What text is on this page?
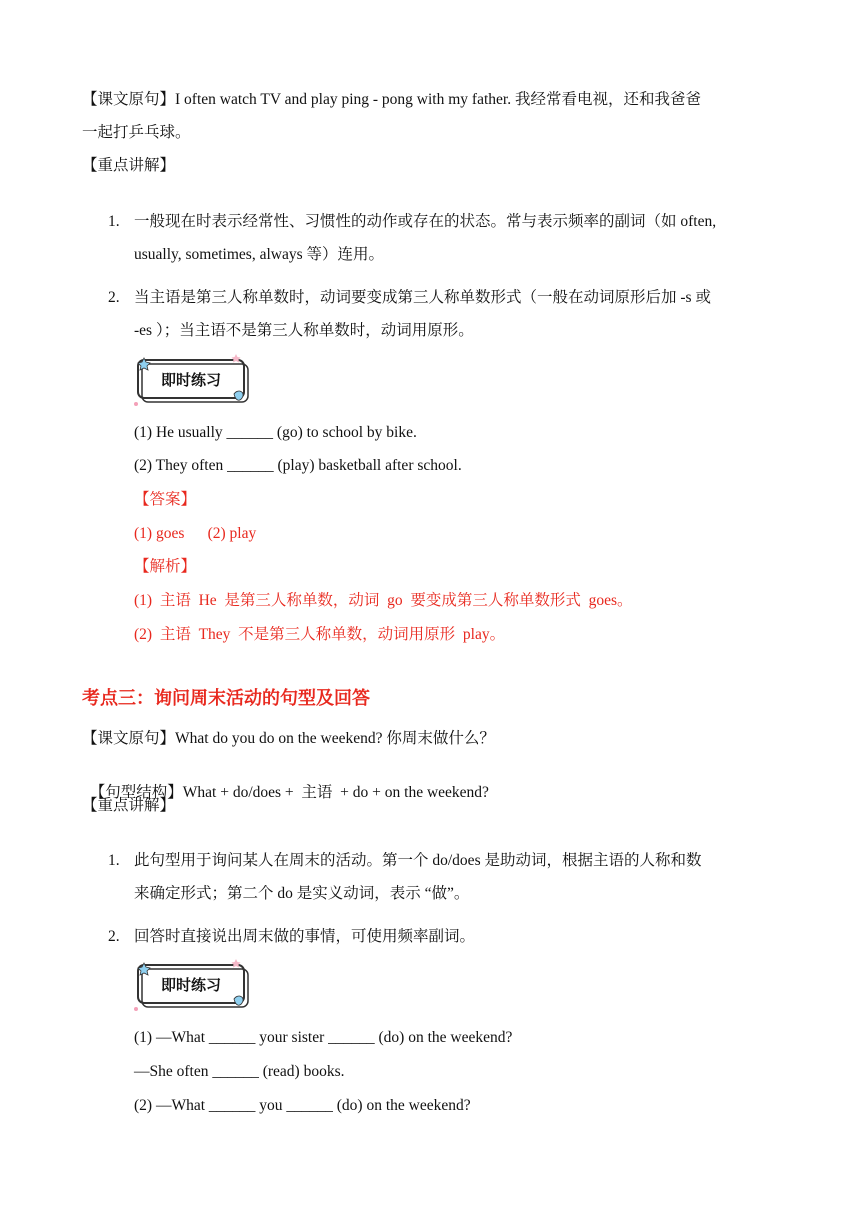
【课文原句】I often watch TV and play ping - pong with my father. 我经常看电视，还和我爸爸
一起打乒乓球。
【重点讲解】
1. 一般现在时表示经常性、习惯性的动作或存在的状态。常与表示频率的副词（如 often,
usually, sometimes, always 等）连用。
2. 当主语是第三人称单数时，动词要变成第三人称单数形式（一般在动词原形后加 -s 或
-es ）；当主语不是第三人称单数时，动词用原形。
即时练习
(1) He usually ______ (go) to school by bike.
(2) They often ______ (play) basketball after school.
【答案】
(1) goes      (2) play
【解析】
(1)  主语  He  是第三人称单数，动词  go  要变成第三人称单数形式  goes。
(2)  主语  They  不是第三人称单数，动词用原形  play。
考点三：询问周末活动的句型及回答
【课文原句】What do you do on the weekend? 你周末做什么？

【句型结构】What + do/does +  主语  + do + on the weekend?

【重点讲解】
1. 此句型用于询问某人在周末的活动。第一个 do/does 是助动词，根据主语的人称和数
来确定形式；第二个 do 是实义动词，表示 “做”。
2. 回答时直接说出周末做的事情，可使用频率副词。
即时练习
(1) —What ______ your sister ______ (do) on the weekend?
—She often ______ (read) books.
(2) —What ______ you ______ (do) on the weekend?
